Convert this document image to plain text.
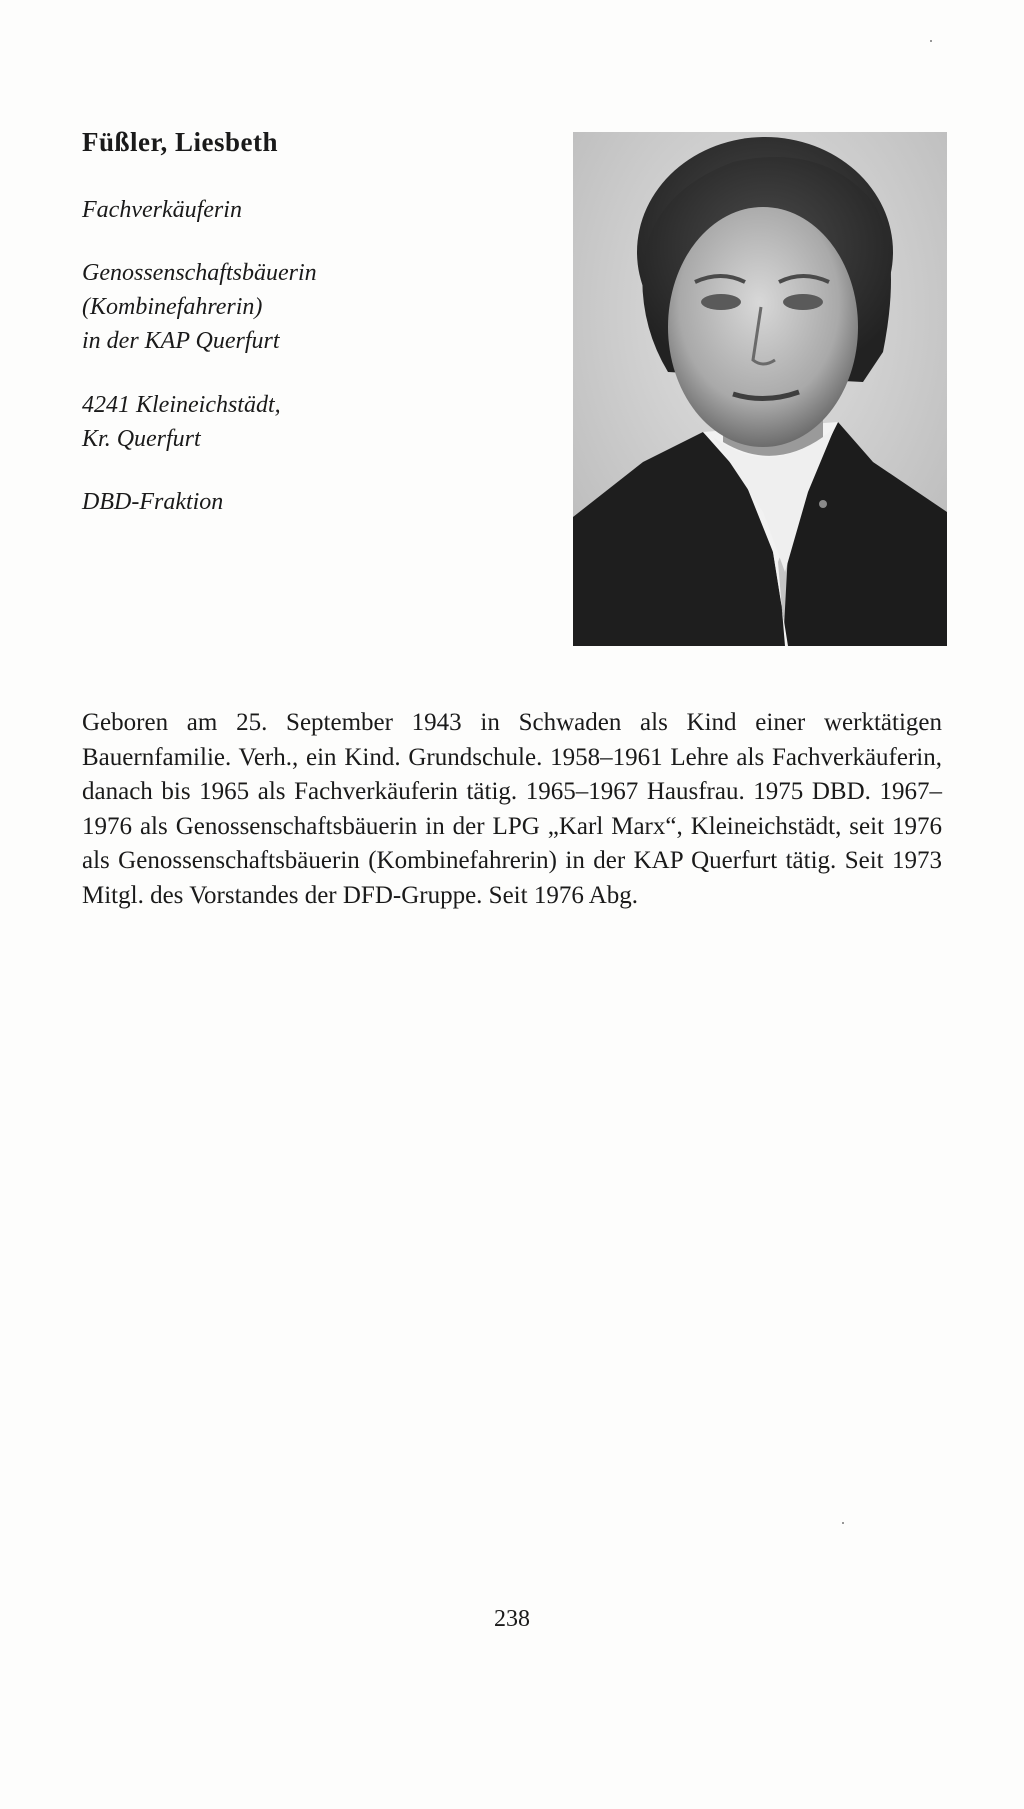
Füßler, Liesbeth

Fachverkäuferin

Genossenschaftsbäuerin
(Kombinefahrerin)
in der KAP Querfurt

4241 Kleineichstädt,
Kr. Querfurt

DBD-Fraktion

Geboren am 25. September 1943 in Schwaden als Kind einer werktätigen Bauernfamilie. Verh., ein Kind. Grundschule. 1958–1961 Lehre als Fachverkäuferin, danach bis 1965 als Fachverkäuferin tätig. 1965–1967 Hausfrau. 1975 DBD. 1967–1976 als Genossenschaftsbäuerin in der LPG „Karl Marx“, Kleineichstädt, seit 1976 als Genossenschaftsbäuerin (Kombinefahrerin) in der KAP Querfurt tätig. Seit 1973 Mitgl. des Vorstandes der DFD-Gruppe. Seit 1976 Abg.

238
